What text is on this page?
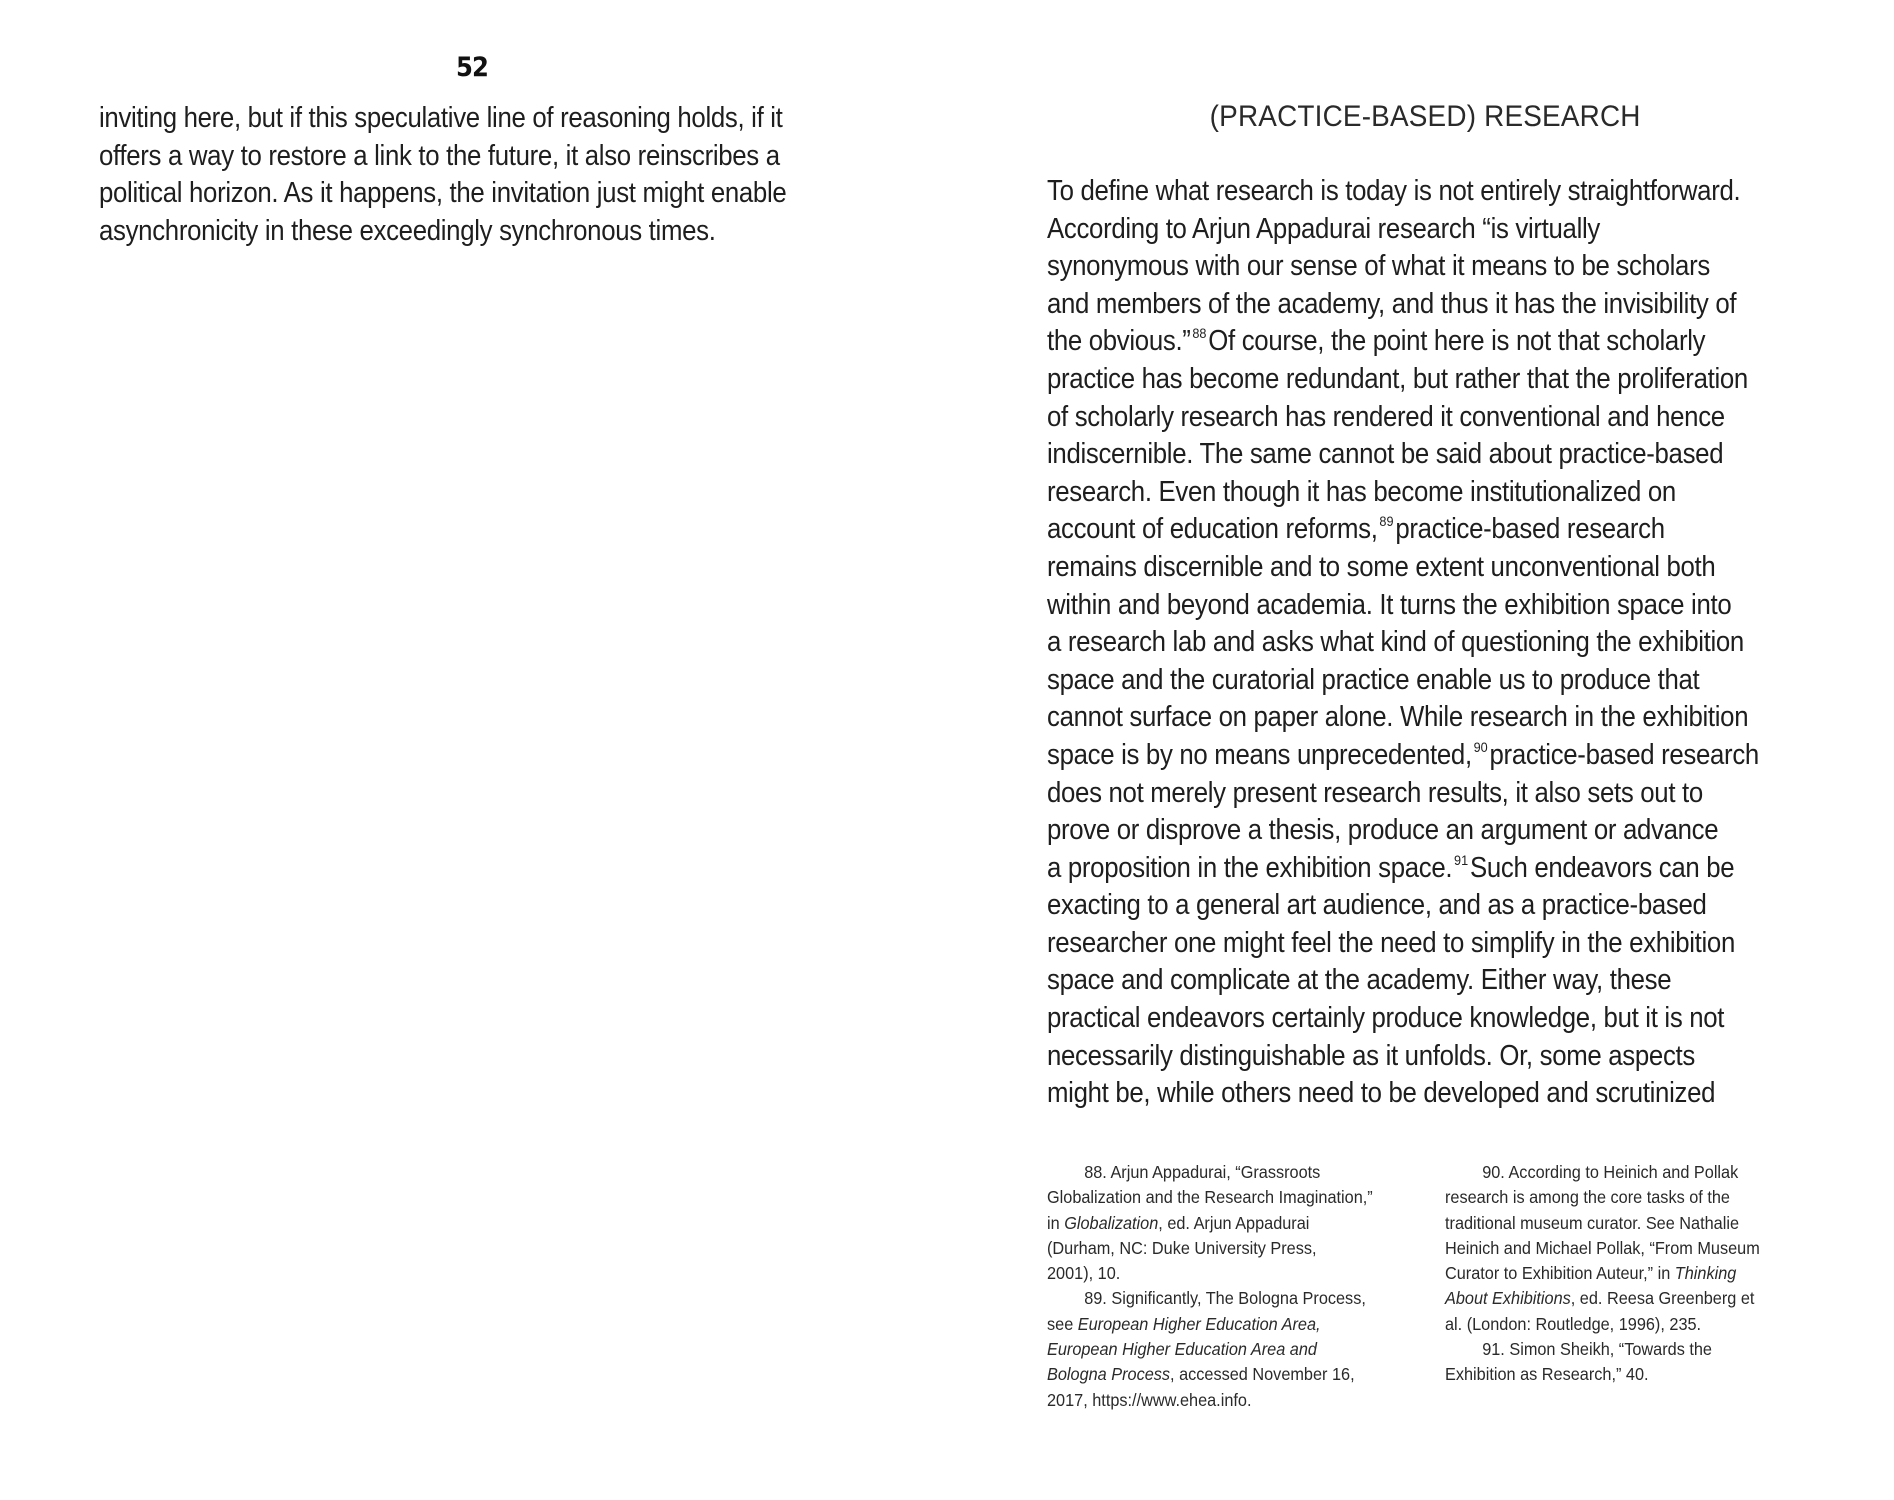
52
inviting here, but if this speculative line of reasoning holds, if it
offers a way to restore a link to the future, it also reinscribes a
political horizon. As it happens, the invitation just might enable
asynchronicity in these exceedingly synchronous times.
(PRACTICE-BASED) RESEARCH
To define what research is today is not entirely straightforward.
According to Arjun Appadurai research “is virtually
synonymous with our sense of what it means to be scholars
and members of the academy, and thus it has the invisibility of
the obvious.” $^{88}$Of course, the point here is not that scholarly
practice has become redundant, but rather that the proliferation
of scholarly research has rendered it conventional and hence
indiscernible. The same cannot be said about practice-based
research. Even though it has become institutionalized on
account of education reforms, $^{89}$practice-based research
remains discernible and to some extent unconventional both
within and beyond academia. It turns the exhibition space into
a research lab and asks what kind of questioning the exhibition
space and the curatorial practice enable us to produce that
cannot surface on paper alone. While research in the exhibition
space is by no means unprecedented, $^{90}$practice-based research
does not merely present research results, it also sets out to
prove or disprove a thesis, produce an argument or advance
a proposition in the exhibition space. $^{91}$Such endeavors can be
exacting to a general art audience, and as a practice-based
researcher one might feel the need to simplify in the exhibition
space and complicate at the academy. Either way, these
practical endeavors certainly produce knowledge, but it is not
necessarily distinguishable as it unfolds. Or, some aspects
might be, while others need to be developed and scrutinized
88. Arjun Appadurai, “Grassroots
Globalization and the Research Imagination,”
in Globalization, ed. Arjun Appadurai
(Durham, NC: Duke University Press,
2001), 10.
89. Significantly, The Bologna Process,
see European Higher Education Area,
European Higher Education Area and
Bologna Process, accessed November 16,
2017, https://www.ehea.info.
90. According to Heinich and Pollak
research is among the core tasks of the
traditional museum curator. See Nathalie
Heinich and Michael Pollak, “From Museum
Curator to Exhibition Auteur,” in Thinking
About Exhibitions, ed. Reesa Greenberg et
al. (London: Routledge, 1996), 235.
91. Simon Sheikh, “Towards the
Exhibition as Research,” 40.
